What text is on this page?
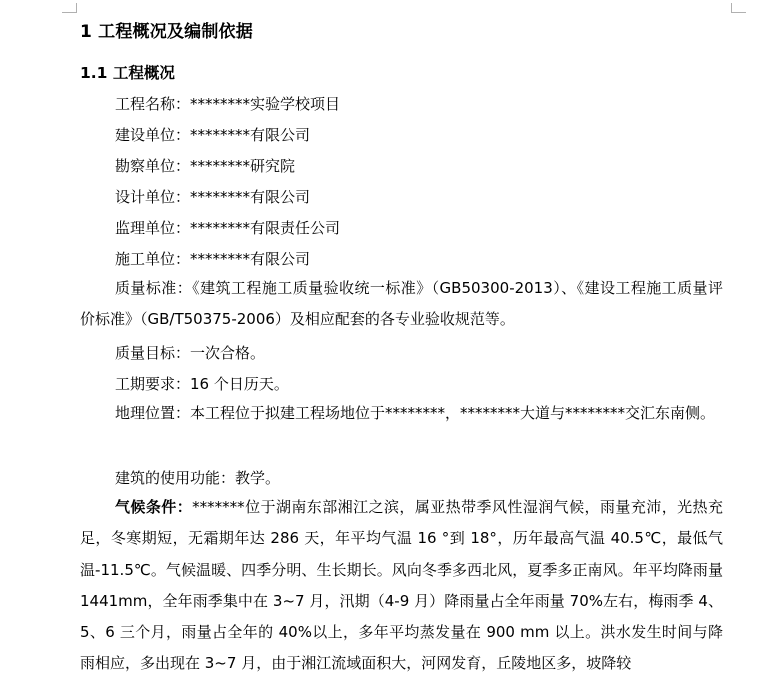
1 工程概况及编制依据
1.1 工程概况
工程名称：********实验学校项目
建设单位：********有限公司
勘察单位：********研究院
设计单位：********有限公司
监理单位：********有限责任公司
施工单位：********有限公司
质量标准：《建筑工程施工质量验收统一标准》（GB50300-2013）、《建设工程施工质量评价标准》（GB/T50375-2006）及相应配套的各专业验收规范等。
质量目标：一次合格。
工期要求：16 个日历天。
地理位置：本工程位于拟建工程场地位于********，********大道与********交汇东南侧。
建筑的使用功能：教学。
气候条件：*******位于湖南东部湘江之滨，属亚热带季风性湿润气候，雨量充沛，光热充足，冬寒期短，无霜期年达 286 天，年平均气温 16 °到 18°，历年最高气温 40.5℃，最低气温-11.5℃。气候温暖、四季分明、生长期长。风向冬季多西北风，夏季多正南风。年平均降雨量 1441mm，全年雨季集中在 3~7 月，汛期（4-9 月）降雨量占全年雨量 70%左右，梅雨季 4、5、6 三个月，雨量占全年的 40%以上，多年平均蒸发量在 900 mm 以上。洪水发生时间与降雨相应，多出现在 3~7 月，由于湘江流域面积大，河网发育，丘陵地区多，坡降较
